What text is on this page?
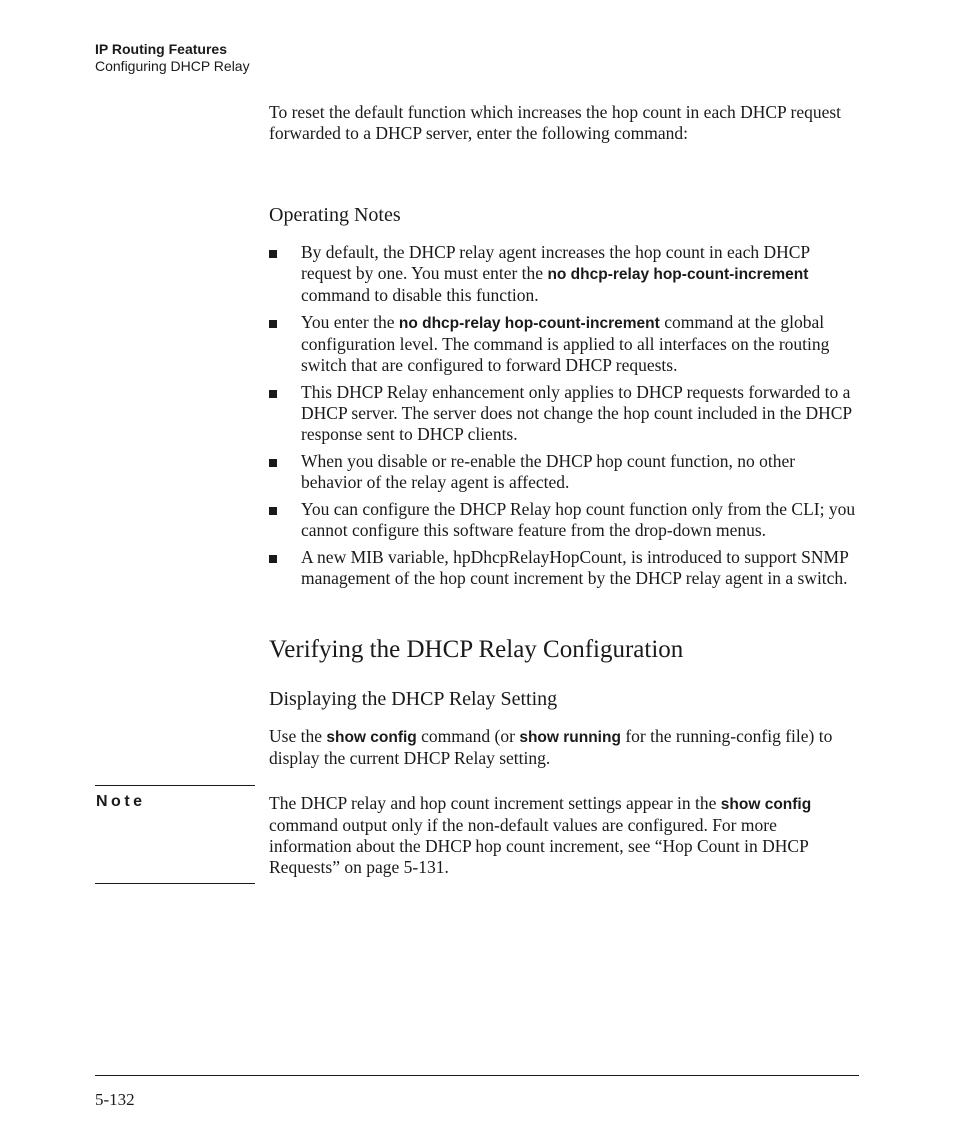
IP Routing Features
Configuring DHCP Relay

To reset the default function which increases the hop count in each DHCP request forwarded to a DHCP server, enter the following command:

Operating Notes
By default, the DHCP relay agent increases the hop count in each DHCP request by one. You must enter the no dhcp-relay hop-count-increment command to disable this function.
You enter the no dhcp-relay hop-count-increment command at the global configuration level. The command is applied to all interfaces on the routing switch that are configured to forward DHCP requests.
This DHCP Relay enhancement only applies to DHCP requests forwarded to a DHCP server. The server does not change the hop count included in the DHCP response sent to DHCP clients.
When you disable or re-enable the DHCP hop count function, no other behavior of the relay agent is affected.
You can configure the DHCP Relay hop count function only from the CLI; you cannot configure this software feature from the drop-down menus.
A new MIB variable, hpDhcpRelayHopCount, is introduced to support SNMP management of the hop count increment by the DHCP relay agent in a switch.
Verifying the DHCP Relay Configuration
Displaying the DHCP Relay Setting

Use the show config command (or show running for the running-config file) to display the current DHCP Relay setting.

Note	The DHCP relay and hop count increment settings appear in the show config command output only if the non-default values are configured. For more information about the DHCP hop count increment, see “Hop Count in DHCP Requests” on page 5-131.

5-132
